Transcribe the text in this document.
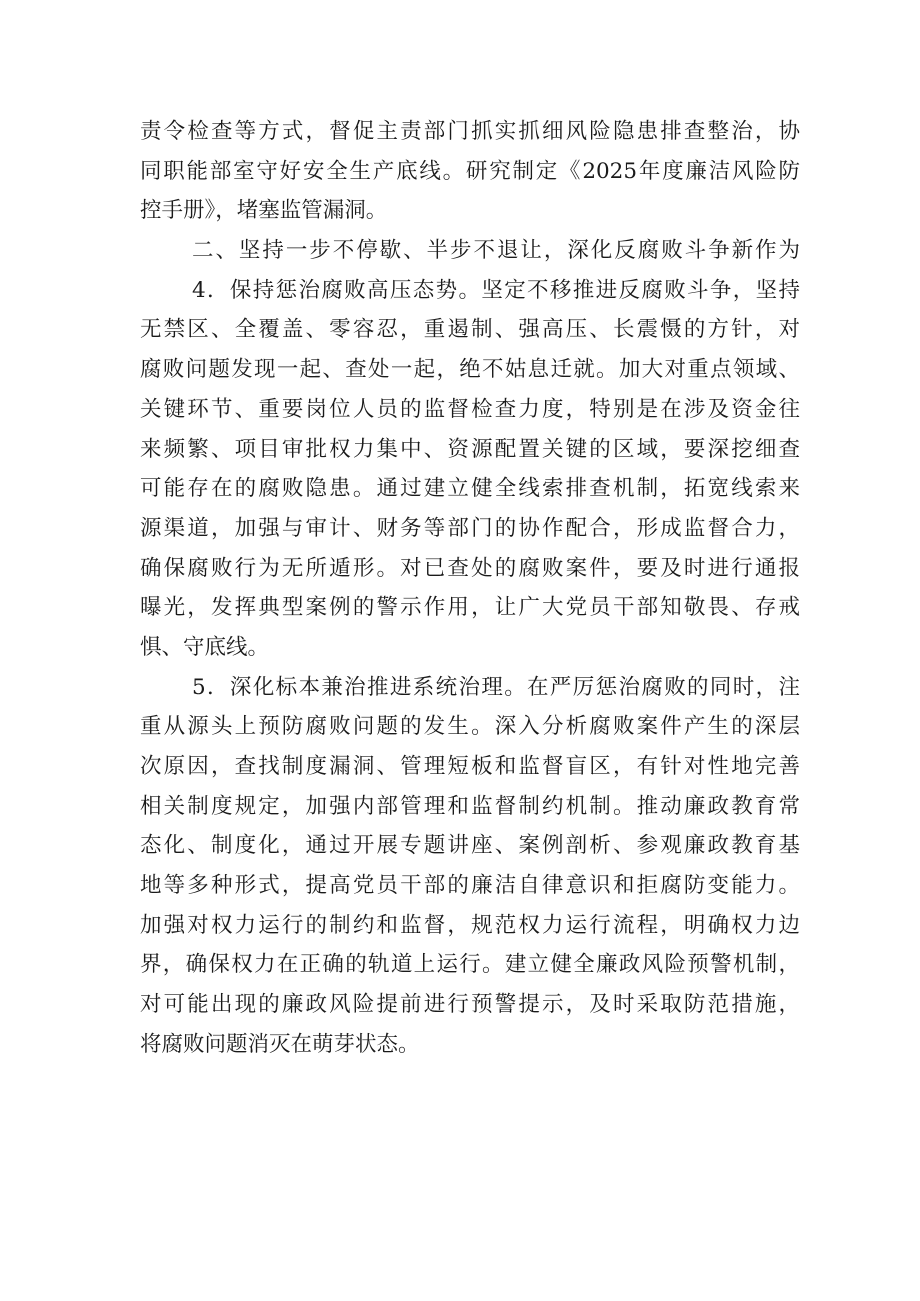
责令检查等方式，督促主责部门抓实抓细风险隐患排查整治，协
同职能部室守好安全生产底线。研究制定《2025年度廉洁风险防
控手册》，堵塞监管漏洞。
二、坚持一步不停歇、半步不退让，深化反腐败斗争新作为
4．保持惩治腐败高压态势。坚定不移推进反腐败斗争，坚持
无禁区、全覆盖、零容忍，重遏制、强高压、长震慑的方针，对
腐败问题发现一起、查处一起，绝不姑息迁就。加大对重点领域、
关键环节、重要岗位人员的监督检查力度，特别是在涉及资金往
来频繁、项目审批权力集中、资源配置关键的区域，要深挖细查
可能存在的腐败隐患。通过建立健全线索排查机制，拓宽线索来
源渠道，加强与审计、财务等部门的协作配合，形成监督合力，
确保腐败行为无所遁形。对已查处的腐败案件，要及时进行通报
曝光，发挥典型案例的警示作用，让广大党员干部知敬畏、存戒
惧、守底线。
5．深化标本兼治推进系统治理。在严厉惩治腐败的同时，注
重从源头上预防腐败问题的发生。深入分析腐败案件产生的深层
次原因，查找制度漏洞、管理短板和监督盲区，有针对性地完善
相关制度规定，加强内部管理和监督制约机制。推动廉政教育常
态化、制度化，通过开展专题讲座、案例剖析、参观廉政教育基
地等多种形式，提高党员干部的廉洁自律意识和拒腐防变能力。
加强对权力运行的制约和监督，规范权力运行流程，明确权力边
界，确保权力在正确的轨道上运行。建立健全廉政风险预警机制，
对可能出现的廉政风险提前进行预警提示，及时采取防范措施，
将腐败问题消灭在萌芽状态。
